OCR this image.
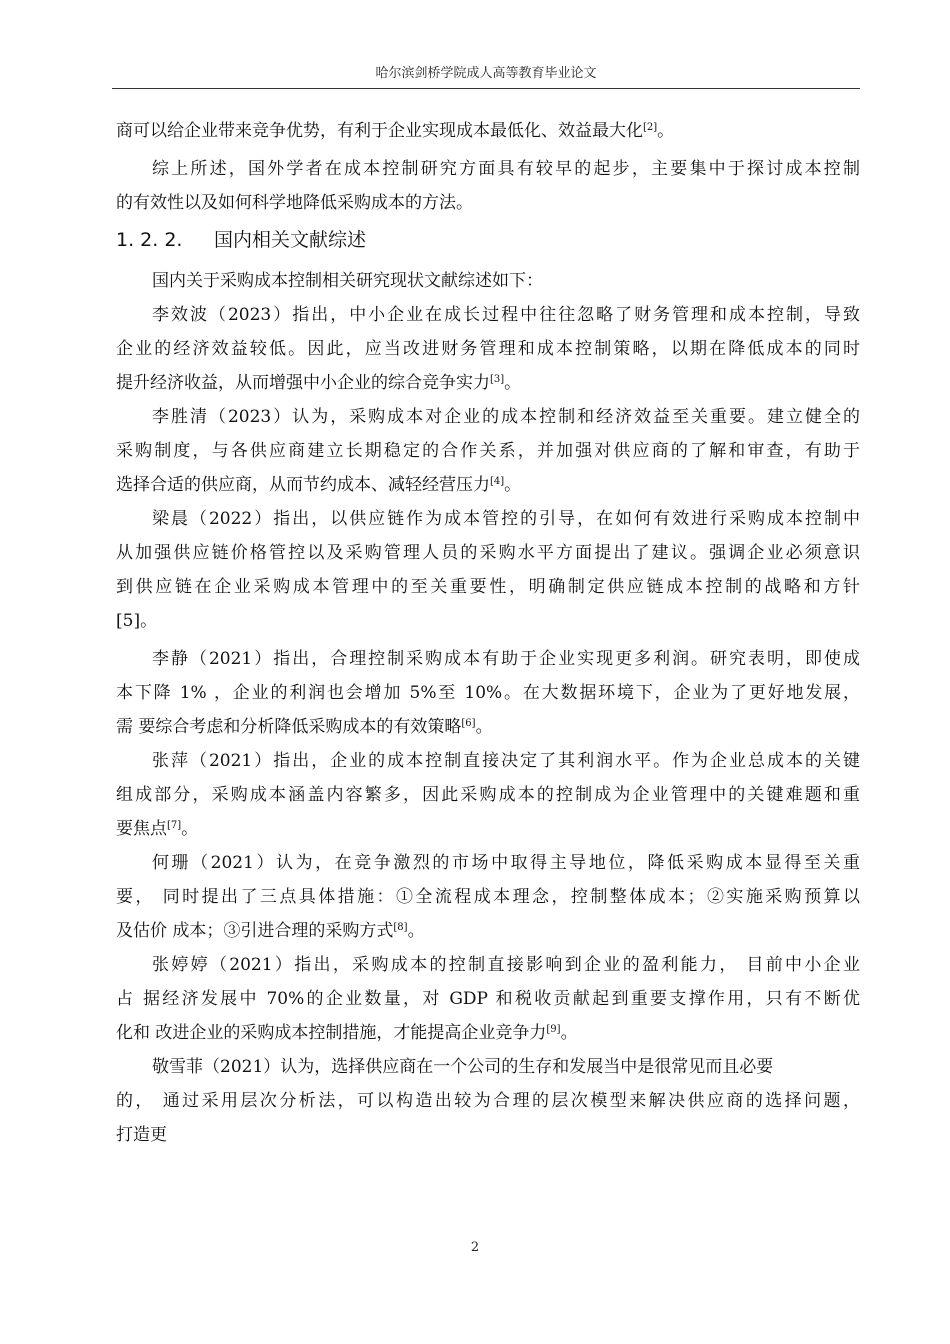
哈尔滨剑桥学院成人高等教育毕业论文
商可以给企业带来竞争优势，有利于企业实现成本最低化、效益最大化[2]。
综上所述，国外学者在成本控制研究方面具有较早的起步，主要集中于探讨成本控制
的有效性以及如何科学地降低采购成本的方法。
1. 2. 2. 国内相关文献综述
国内关于采购成本控制相关研究现状文献综述如下：
李效波（2023）指出，中小企业在成长过程中往往忽略了财务管理和成本控制，导致
企业的经济效益较低。因此，应当改进财务管理和成本控制策略，以期在降低成本的同时
提升经济收益，从而增强中小企业的综合竞争实力[3]。
李胜清（2023）认为，采购成本对企业的成本控制和经济效益至关重要。建立健全的
采购制度，与各供应商建立长期稳定的合作关系，并加强对供应商的了解和审查，有助于
选择合适的供应商，从而节约成本、减轻经营压力[4]。
梁晨（2022）指出，以供应链作为成本管控的引导，在如何有效进行采购成本控制中
从加强供应链价格管控以及采购管理人员的采购水平方面提出了建议。强调企业必须意识
到供应链在企业采购成本管理中的至关重要性，明确制定供应链成本控制的战略和方针
[5]。
李静（2021）指出，合理控制采购成本有助于企业实现更多利润。研究表明，即使成
本下降 1% ，企业的利润也会增加 5%至 10%。在大数据环境下，企业为了更好地发展，
需 要综合考虑和分析降低采购成本的有效策略[6]。
张萍（2021）指出，企业的成本控制直接决定了其利润水平。作为企业总成本的关键
组成部分，采购成本涵盖内容繁多，因此采购成本的控制成为企业管理中的关键难题和重
要焦点[7]。
何珊（2021）认为，在竞争激烈的市场中取得主导地位，降低采购成本显得至关重
要， 同时提出了三点具体措施：①全流程成本理念，控制整体成本；②实施采购预算以
及估价 成本；③引进合理的采购方式[8]。
张婷婷（2021）指出，采购成本的控制直接影响到企业的盈利能力， 目前中小企业
占 据经济发展中 70%的企业数量，对 GDP 和税收贡献起到重要支撑作用，只有不断优
化和 改进企业的采购成本控制措施，才能提高企业竞争力[9]。
敬雪菲（2021）认为，选择供应商在一个公司的生存和发展当中是很常见而且必要
的， 通过采用层次分析法，可以构造出较为合理的层次模型来解决供应商的选择问题，
打造更
2
